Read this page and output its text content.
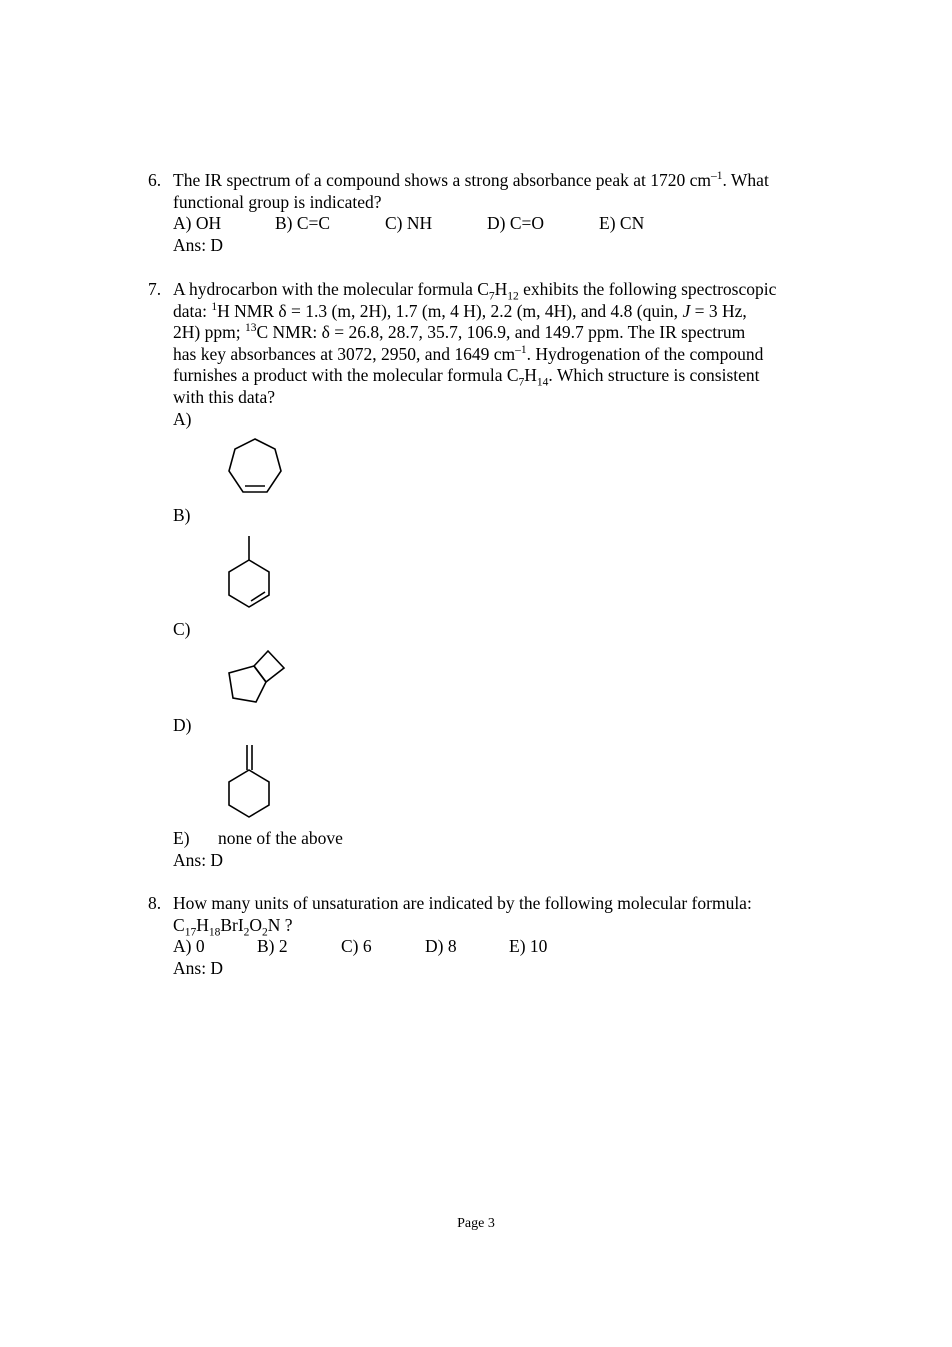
6. The IR spectrum of a compound shows a strong absorbance peak at 1720 $cm^{-1}$. What
functional group is indicated?
A) OH	B) C=C	C) NH	D) C=O	E) CN
Ans: D
7. A hydrocarbon with the molecular formula $C_7H_{12}$ exhibits the following spectroscopic
data: $^1$H NMR δ = 1.3 (m, 2H), 1.7 (m, 4 H), 2.2 (m, 4H), and 4.8 (quin, J = 3 Hz,
2H) ppm; $^{13}$C NMR: δ = 26.8, 28.7, 35.7, 106.9, and 149.7 ppm. The IR spectrum
has key absorbances at 3072, 2950, and 1649 $cm^{-1}$. Hydrogenation of the compound
furnishes a product with the molecular formula $C_7H_{14}$. Which structure is consistent
with this data?
A)
B)
C)
D)
E) none of the above
Ans: D
8. How many units of unsaturation are indicated by the following molecular formula:
$C_{17}H_{18}BrI_2O_2N$ ?
A) 0	B) 2	C) 6	D) 8	E) 10
Ans: D
Page 3
